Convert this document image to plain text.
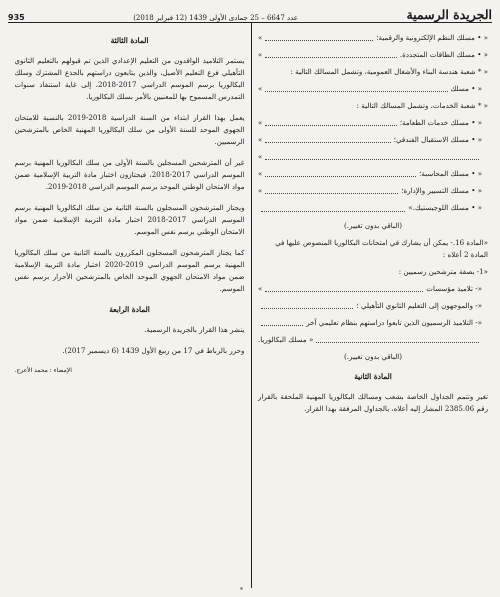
الجريدة الرسمية
عدد 6647 – 25 جمادى الأولى 1439 (12 فبراير 2018)
935
« • مسلك النظم الإلكترونية والرقمية؛
»
« • مسلك الطاقات المتجددة.
»
« * شعبة هندسة البناء والأشغال العمومية، وتشمل المسالك التالية :
« • مسلك
»
« * شعبة الخدمات، وتشمل المسالك التالية :
« • مسلك خدمات الطعامة؛
»
« • مسلك الاستقبال الفندقي؛
»
»
« • مسلك المحاسبة؛
»
« • مسلك التسيير والإدارة؛
»
« • مسلك اللوجيستيك.»
(الباقي بدون تغيير.)
«المادة 16.- يمكن أن يشارك في امتحانات البكالوريا المنصوص عليها في المادة 2 أعلاه :
«1- بصفة مترشحين رسميين :
«- تلاميذ مؤسسات
»
«- والموجهون إلى التعليم الثانوي التأهيلي ؛
«- التلاميذ الرسميون الذين تابعوا دراستهم بنظام تعليمي آخر
« مسلك البكالوريا.
(الباقي بدون تغيير.)
المادة الثانية
تغير وتتمم الجداول الخاصة بشعب ومسالك البكالوريا المهنية الملحقة بالقرار رقم 2385.06 المشار إليه أعلاه، بالجداول المرفقة بهذا القرار.
المادة الثالثة
يستمر التلاميذ الوافدون من التعليم الإعدادي الذين تم قبولهم بالتعليم الثانوي التأهيلي فرع التعليم الأصيل، والذين يتابعون دراستهم بالجذع المشترك وسلك البكالوريا برسم الموسم الدراسي 2017-2018، إلى غاية استنفاد سنوات التمدرس المسموح بها للمعنيين بالأمر بسلك البكالوريا.
يعمل بهذا القرار ابتداء من السنة الدراسية 2018-2019 بالنسبة للامتحان الجهوي الموحد للسنة الأولى من سلك البكالوريا المهنية الخاص بالمترشحين الرسميين.
غير أن المترشحين المسجلين بالسنة الأولى من سلك البكالوريا المهنية برسم الموسم الدراسي 2017-2018، فيجتازون اختبار مادة التربية الإسلامية ضمن مواد الامتحان الوطني الموحد برسم الموسم الدراسي 2018-2019.
ويجتاز المترشحون المسجلون بالسنة الثانية من سلك البكالوريا المهنية برسم الموسم الدراسي 2017-2018 اختبار مادة التربية الإسلامية ضمن مواد الامتحان الوطني برسم نفس الموسم.
كما يجتاز المترشحون المسجلون المكررون بالسنة الثانية من سلك البكالوريا المهنية برسم الموسم الدراسي 2019-2020 اختبار مادة التربية الإسلامية ضمن مواد الامتحان الجهوي الموحد الخاص بالمترشحين الأحرار برسم نفس الموسم.
المادة الرابعة
ينشر هذا القرار بالجريدة الرسمية.
وحرر بالرباط في 17 من ربيع الأول 1439 (6 ديسمبر 2017).
الإمضاء : محمد الأعرج.
*
